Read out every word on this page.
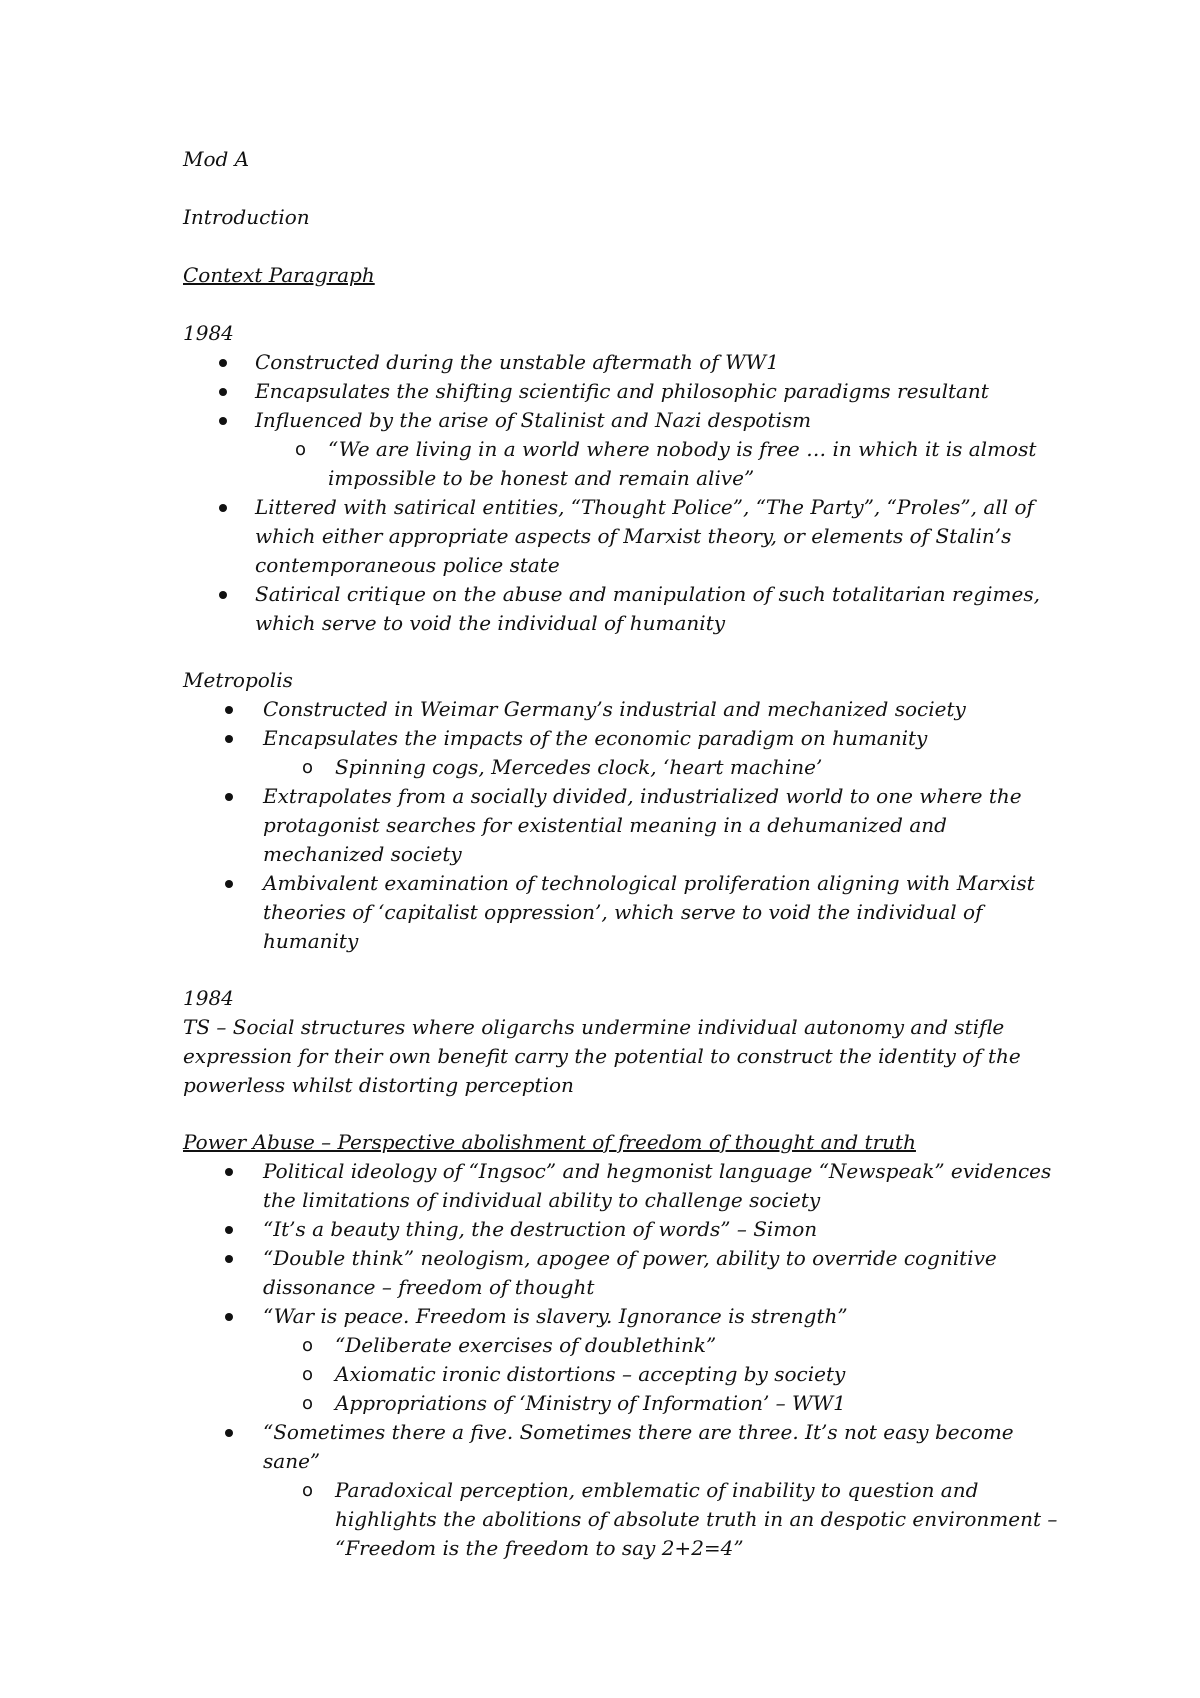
Mod A

Introduction

Context Paragraph

1984

Constructed during the unstable aftermath of WW1
Encapsulates the shifting scientific and philosophic paradigms resultant
Influenced by the arise of Stalinist and Nazi despotism
o “We are living in a world where nobody is free … in which it is almost impossible to be honest and remain alive”
Littered with satirical entities, “Thought Police”, “The Party”, “Proles”, all of which either appropriate aspects of Marxist theory, or elements of Stalin’s contemporaneous police state
Satirical critique on the abuse and manipulation of such totalitarian regimes, which serve to void the individual of humanity

Metropolis

Constructed in Weimar Germany’s industrial and mechanized society
Encapsulates the impacts of the economic paradigm on humanity
o Spinning cogs, Mercedes clock, ‘heart machine’
Extrapolates from a socially divided, industrialized world to one where the protagonist searches for existential meaning in a dehumanized and mechanized society
Ambivalent examination of technological proliferation aligning with Marxist theories of ‘capitalist oppression’, which serve to void the individual of humanity

1984

TS – Social structures where oligarchs undermine individual autonomy and stifle expression for their own benefit carry the potential to construct the identity of the powerless whilst distorting perception

Power Abuse – Perspective abolishment of freedom of thought and truth

Political ideology of “Ingsoc” and hegmonist language “Newspeak” evidences the limitations of individual ability to challenge society
“It’s a beauty thing, the destruction of words” – Simon
“Double think” neologism, apogee of power, ability to override cognitive dissonance – freedom of thought
“War is peace. Freedom is slavery. Ignorance is strength”
o “Deliberate exercises of doublethink”
o Axiomatic ironic distortions – accepting by society
o Appropriations of ‘Ministry of Information’ – WW1
“Sometimes there a five. Sometimes there are three. It’s not easy become sane”
o Paradoxical perception, emblematic of inability to question and highlights the abolitions of absolute truth in an despotic environment – “Freedom is the freedom to say 2+2=4”
